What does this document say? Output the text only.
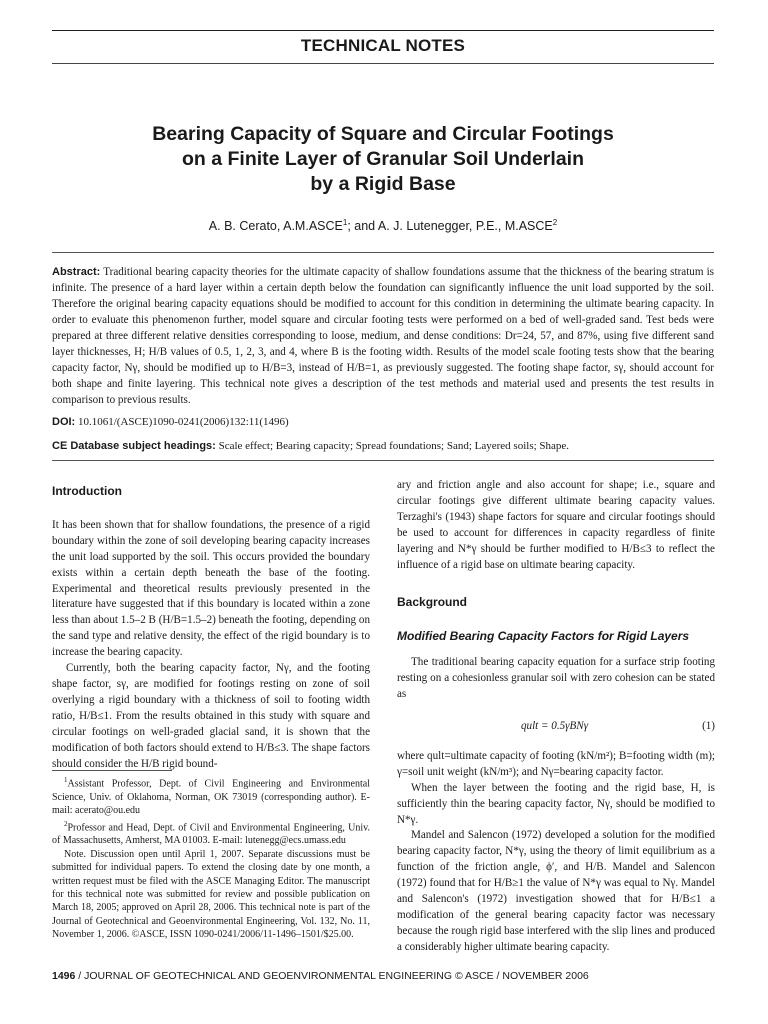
TECHNICAL NOTES
Bearing Capacity of Square and Circular Footings
on a Finite Layer of Granular Soil Underlain
by a Rigid Base
A. B. Cerato, A.M.ASCE$^1$; and A. J. Lutenegger, P.E., M.ASCE$^2$
Abstract: Traditional bearing capacity theories for the ultimate capacity of shallow foundations assume that the thickness of the bearing stratum is infinite. The presence of a hard layer within a certain depth below the foundation can significantly influence the unit load supported by the soil. Therefore the original bearing capacity equations should be modified to account for this condition in determining the ultimate bearing capacity. In order to evaluate this phenomenon further, model square and circular footing tests were performed on a bed of well-graded sand. Test beds were prepared at three different relative densities corresponding to loose, medium, and dense conditions: Dr=24, 57, and 87%, using five different sand layer thicknesses, H; H/B values of 0.5, 1, 2, 3, and 4, where B is the footing width. Results of the model scale footing tests show that the bearing capacity factor, Nγ, should be modified up to H/B=3, instead of H/B=1, as previously suggested. The footing shape factor, sγ, should account for both shape and finite layering. This technical note gives a description of the test methods and material used and presents the test results in comparison to previous results.
DOI: 10.1061/(ASCE)1090-0241(2006)132:11(1496)
CE Database subject headings: Scale effect; Bearing capacity; Spread foundations; Sand; Layered soils; Shape.
Introduction

It has been shown that for shallow foundations, the presence of a rigid boundary within the zone of soil developing bearing capacity increases the unit load supported by the soil. This occurs provided the boundary exists within a certain depth beneath the base of the footing. Experimental and theoretical results previously presented in the literature have suggested that if this boundary is located within a zone less than about 1.5–2 B (H/B=1.5–2) beneath the footing, depending on the sand type and relative density, the effect of the rigid boundary is to increase the bearing capacity.

Currently, both the bearing capacity factor, Nγ, and the footing shape factor, sγ, are modified for footings resting on zone of soil overlying a rigid boundary with a thickness of soil to footing width ratio, H/B≤1. From the results obtained in this study with square and circular footings on well-graded glacial sand, it is shown that the modification of both factors should extend to H/B≤3. The shape factors should consider the H/B rigid bound-

$^1$Assistant Professor, Dept. of Civil Engineering and Environmental Science, Univ. of Oklahoma, Norman, OK 73019 (corresponding author). E-mail: acerato@ou.edu

$^2$Professor and Head, Dept. of Civil and Environmental Engineering, Univ. of Massachusetts, Amherst, MA 01003. E-mail: lutenegg@ecs.umass.edu

Note. Discussion open until April 1, 2007. Separate discussions must be submitted for individual papers. To extend the closing date by one month, a written request must be filed with the ASCE Managing Editor. The manuscript for this technical note was submitted for review and possible publication on March 18, 2005; approved on April 28, 2006. This technical note is part of the Journal of Geotechnical and Geoenvironmental Engineering, Vol. 132, No. 11, November 1, 2006. ©ASCE, ISSN 1090-0241/2006/11-1496–1501/$25.00.

ary and friction angle and also account for shape; i.e., square and circular footings give different ultimate bearing capacity values. Terzaghi's (1943) shape factors for square and circular footings should be used to account for differences in capacity regardless of finite layering and N*γ should be further modified to H/B≤3 to reflect the influence of a rigid base on ultimate bearing capacity.

Background
Modified Bearing Capacity Factors for Rigid Layers

The traditional bearing capacity equation for a surface strip footing resting on a cohesionless granular soil with zero cohesion can be stated as

qult = 0.5γBNγ	(1)

where qult=ultimate capacity of footing (kN/m²); B=footing width (m); γ=soil unit weight (kN/m³); and Nγ=bearing capacity factor.

When the layer between the footing and the rigid base, H, is sufficiently thin the bearing capacity factor, Nγ, should be modified to N*γ.

Mandel and Salencon (1972) developed a solution for the modified bearing capacity factor, N*γ, using the theory of limit equilibrium as a function of the friction angle, ϕ′, and H/B. Mandel and Salencon (1972) found that for H/B≥1 the value of N*γ was equal to Nγ. Mandel and Salencon's (1972) investigation showed that for H/B≤1 a modification of the general bearing capacity factor was necessary because the rough rigid base interfered with the slip lines and produced a considerably higher ultimate bearing capacity.

1496 / JOURNAL OF GEOTECHNICAL AND GEOENVIRONMENTAL ENGINEERING © ASCE / NOVEMBER 2006
